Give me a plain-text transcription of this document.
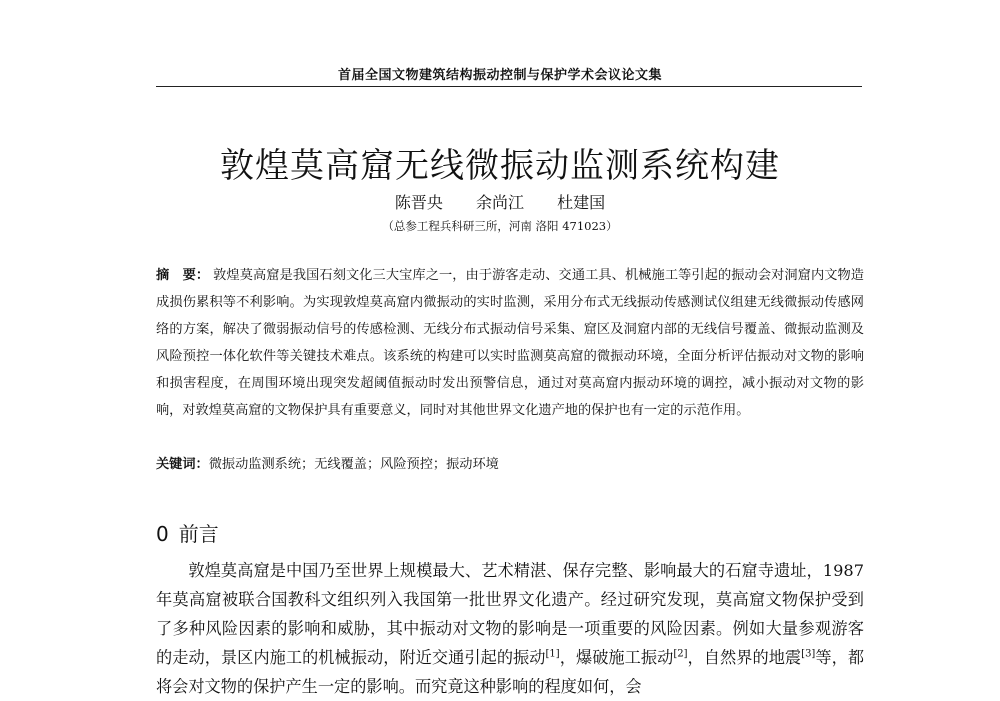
首届全国文物建筑结构振动控制与保护学术会议论文集
敦煌莫高窟无线微振动监测系统构建
陈晋央 余尚江 杜建国
（总参工程兵科研三所，河南 洛阳 471023）
摘　要： 敦煌莫高窟是我国石刻文化三大宝库之一，由于游客走动、交通工具、机械施工等引起的振动会对洞窟内文物造成损伤累积等不利影响。为实现敦煌莫高窟内微振动的实时监测，采用分布式无线振动传感测试仪组建无线微振动传感网络的方案，解决了微弱振动信号的传感检测、无线分布式振动信号采集、窟区及洞窟内部的无线信号覆盖、微振动监测及风险预控一体化软件等关键技术难点。该系统的构建可以实时监测莫高窟的微振动环境，全面分析评估振动对文物的影响和损害程度，在周围环境出现突发超阈值振动时发出预警信息，通过对莫高窟内振动环境的调控，减小振动对文物的影响，对敦煌莫高窟的文物保护具有重要意义，同时对其他世界文化遗产地的保护也有一定的示范作用。
关键词：微振动监测系统；无线覆盖；风险预控；振动环境
0 前言
敦煌莫高窟是中国乃至世界上规模最大、艺术精湛、保存完整、影响最大的石窟寺遗址，1987年莫高窟被联合国教科文组织列入我国第一批世界文化遗产。经过研究发现，莫高窟文物保护受到了多种风险因素的影响和威胁，其中振动对文物的影响是一项重要的风险因素。例如大量参观游客的走动，景区内施工的机械振动，附近交通引起的振动[1]，爆破施工振动[2]，自然界的地震[3]等，都将会对文物的保护产生一定的影响。而究竟这种影响的程度如何，会
